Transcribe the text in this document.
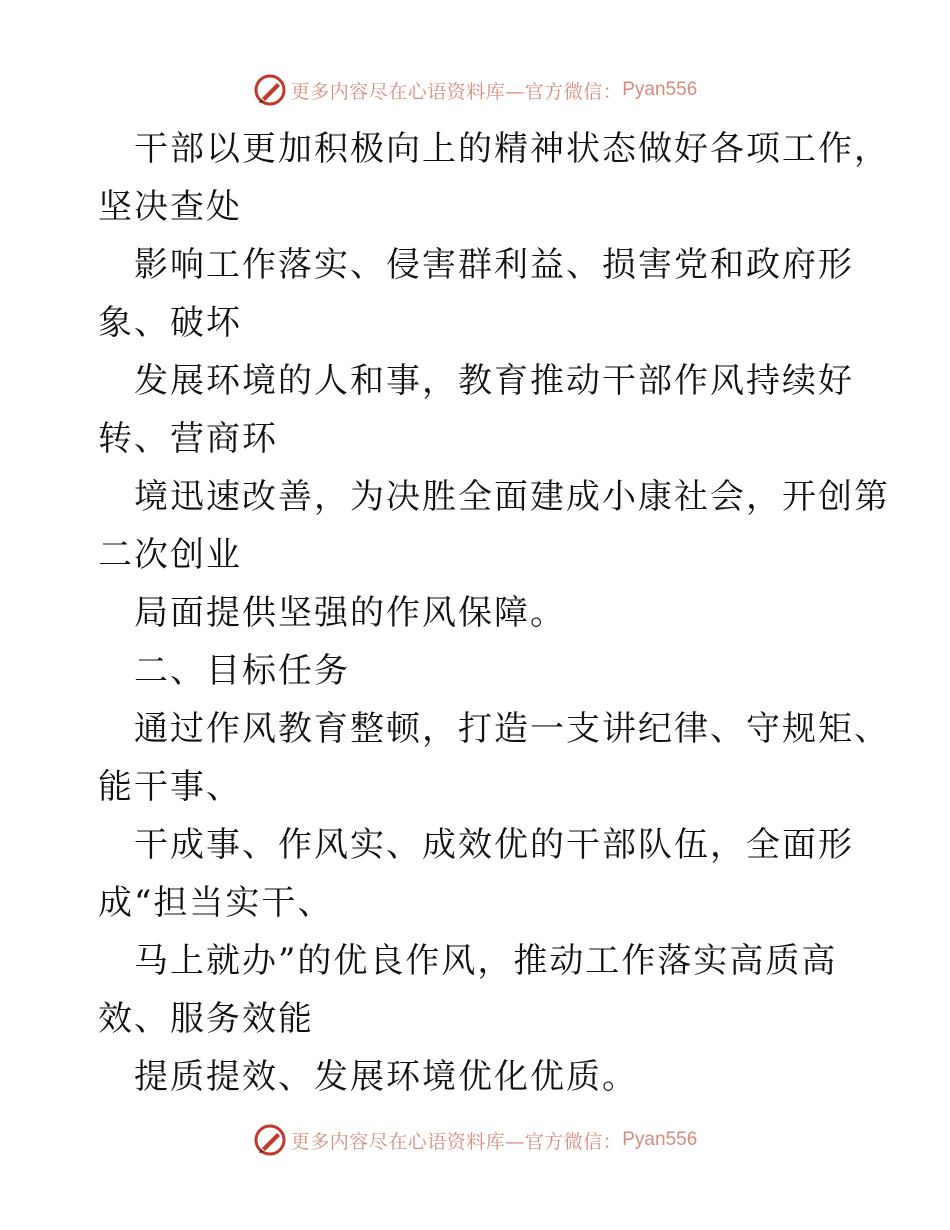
更多内容尽在心语资料库—官方微信： Pyan556
干部以更加积极向上的精神状态做好各项工作，
坚决查处
影响工作落实、侵害群利益、损害党和政府形
象、破坏
发展环境的人和事，教育推动干部作风持续好
转、营商环
境迅速改善，为决胜全面建成小康社会，开创第
二次创业
局面提供坚强的作风保障。
二、目标任务
通过作风教育整顿，打造一支讲纪律、守规矩、
能干事、
干成事、作风实、成效优的干部队伍，全面形
成“担当实干、
马上就办”的优良作风，推动工作落实高质高
效、服务效能
提质提效、发展环境优化优质。
更多内容尽在心语资料库—官方微信： Pyan556
